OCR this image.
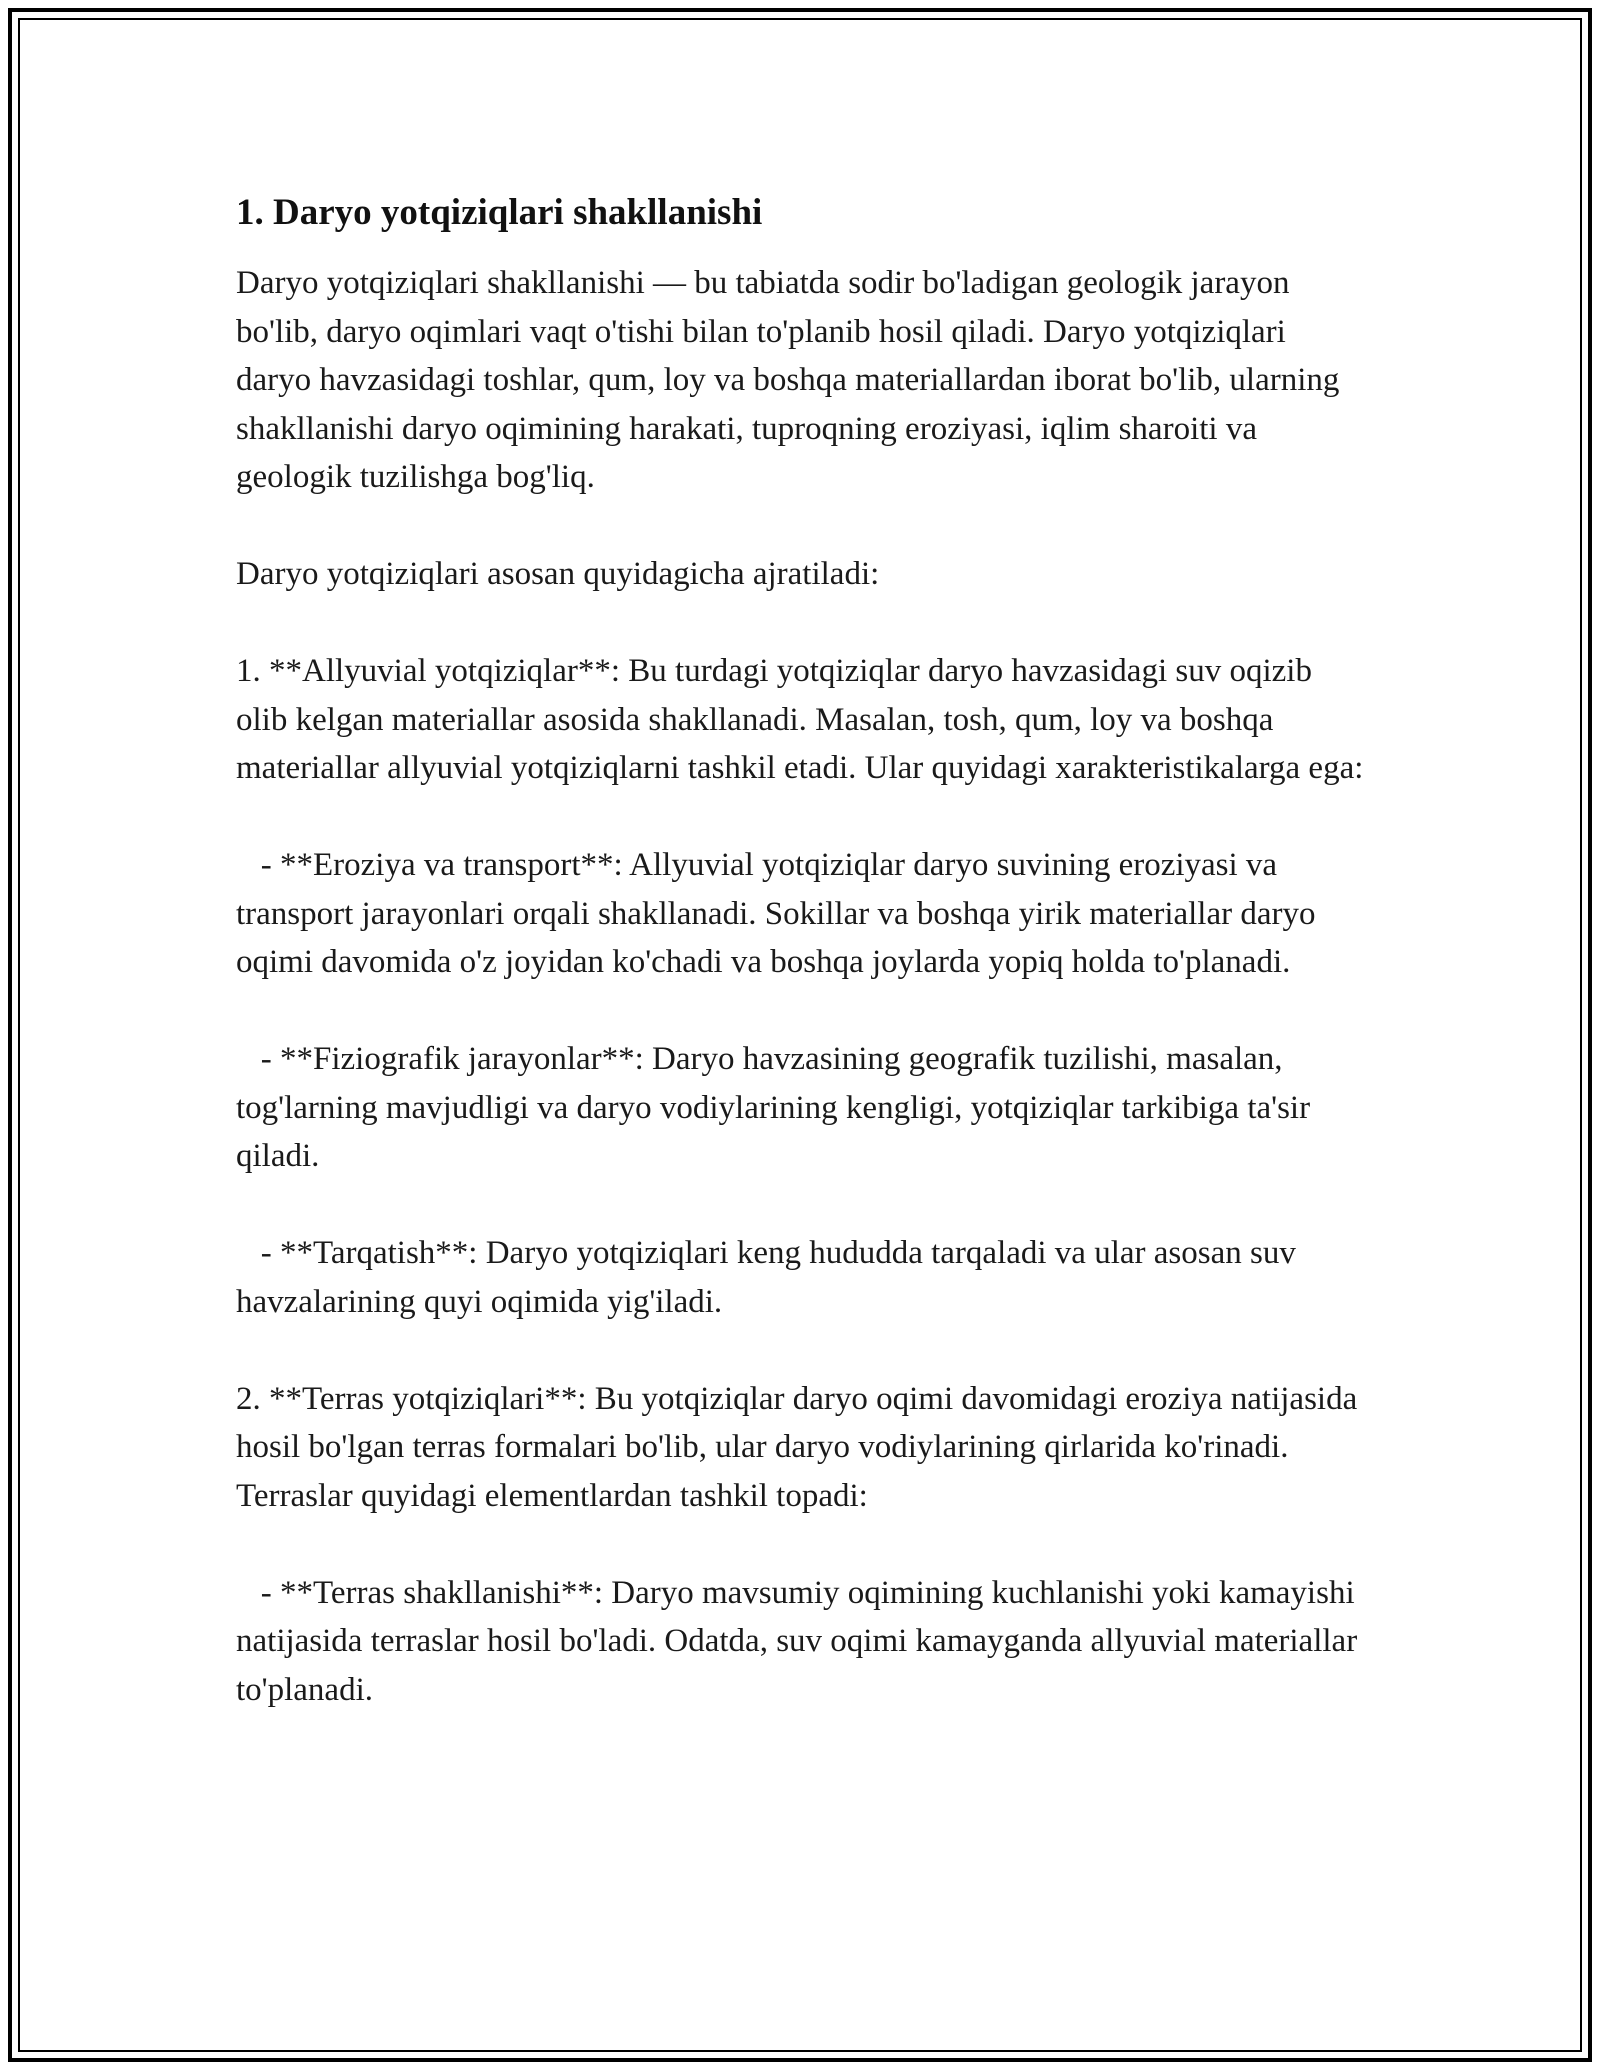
1. Daryo yotqiziqlari shakllanishi

Daryo yotqiziqlari shakllanishi — bu tabiatda sodir bo'ladigan geologik jarayon bo'lib, daryo oqimlari vaqt o'tishi bilan to'planib hosil qiladi. Daryo yotqiziqlari daryo havzasidagi toshlar, qum, loy va boshqa materiallardan iborat bo'lib, ularning shakllanishi daryo oqimining harakati, tuproqning eroziyasi, iqlim sharoiti va geologik tuzilishga bog'liq.

Daryo yotqiziqlari asosan quyidagicha ajratiladi:

1. **Allyuvial yotqiziqlar**: Bu turdagi yotqiziqlar daryo havzasidagi suv oqizib olib kelgan materiallar asosida shakllanadi. Masalan, tosh, qum, loy va boshqa materiallar allyuvial yotqiziqlarni tashkil etadi. Ular quyidagi xarakteristikalarga ega:

- **Eroziya va transport**: Allyuvial yotqiziqlar daryo suvining eroziyasi va transport jarayonlari orqali shakllanadi. Sokillar va boshqa yirik materiallar daryo oqimi davomida o'z joyidan ko'chadi va boshqa joylarda yopiq holda to'planadi.

- **Fiziografik jarayonlar**: Daryo havzasining geografik tuzilishi, masalan, tog'larning mavjudligi va daryo vodiylarining kengligi, yotqiziqlar tarkibiga ta'sir qiladi.

- **Tarqatish**: Daryo yotqiziqlari keng hududda tarqaladi va ular asosan suv havzalarining quyi oqimida yig'iladi.

2. **Terras yotqiziqlari**: Bu yotqiziqlar daryo oqimi davomidagi eroziya natijasida hosil bo'lgan terras formalari bo'lib, ular daryo vodiylarining qirlarida ko'rinadi. Terraslar quyidagi elementlardan tashkil topadi:

- **Terras shakllanishi**: Daryo mavsumiy oqimining kuchlanishi yoki kamayishi natijasida terraslar hosil bo'ladi. Odatda, suv oqimi kamayganda allyuvial materiallar to'planadi.
